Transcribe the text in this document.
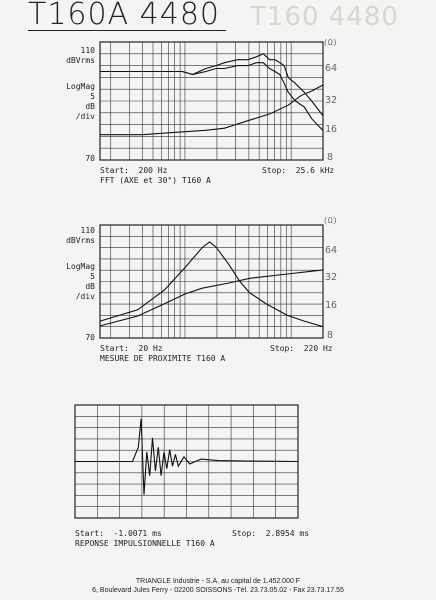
T160A 4480 T160 4480
110
dBVrms
LogMag
5
dB
/div
70
(Ω)
64
32
16
8
Start:  200 Hz	Stop:  25.6 kHz
FFT (AXE et 30°) T160 A
110
dBVrms
LogMag
5
dB
/div
70
(Ω)
64
32
16
8
Start:  20 Hz	Stop:  220 Hz
MESURE DE PROXIMITE T160 A
Start:  -1.0071 ms	Stop:  2.8954 ms
REPONSE IMPULSIONNELLE T160 A
TRIANGLE Industrie - S.A. au capital de 1.452.000 F
6, Boulevard Jules Ferry - 02200 SOISSONS -Tél. 23.73.05.02 - Fax 23.73.17.55
